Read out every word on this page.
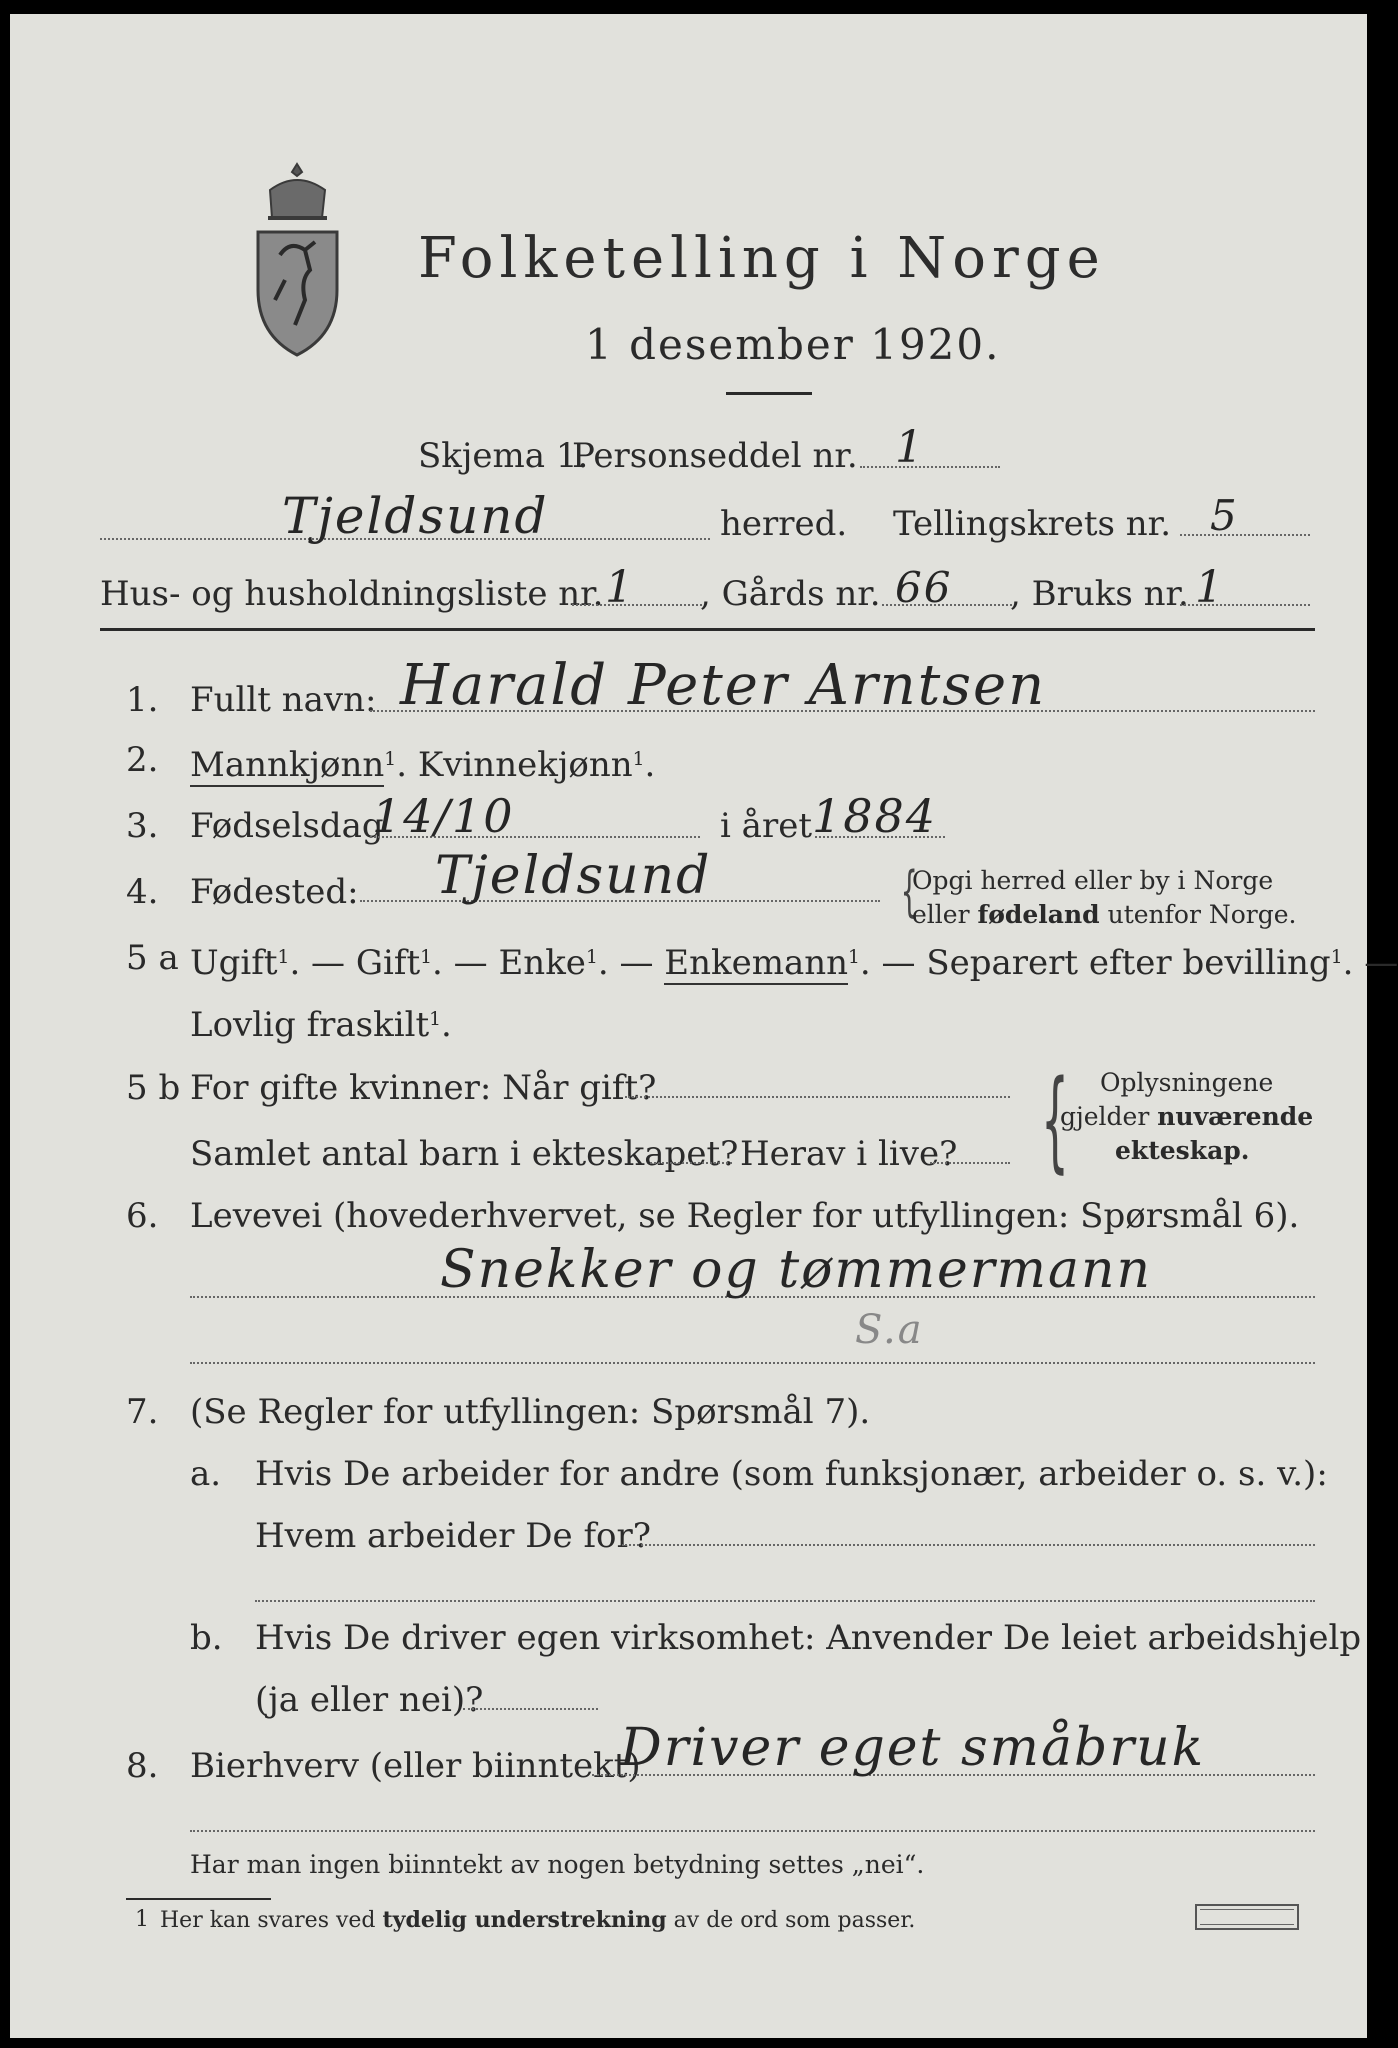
Folketelling i Norge
1 desember 1920.
Skjema 1.
Personseddel nr. 1
Tjeldsund	herred. Tellingskrets nr. 5
Hus- og husholdningsliste nr. 1 , Gårds nr. 66 , Bruks nr. 1
1. Fullt navn: Harald Peter Arntsen
2. Mannkjønn$^1$. Kvinnekjønn$^1$.
3. Fødselsdag
14/10	i året 1884
4. Fødested: Tjeldsund	{
Opgi herred eller by i Norge
eller fødeland utenfor Norge.
5 a Ugift$^1$. — Gift$^1$. — Enke$^1$. — Enkemann$^1$. — Separert efter bevilling$^1$. —
Lovlig fraskilt$^1$.
5 b For gifte kvinner: Når gift?
Samlet antal barn i ekteskapet? Herav i live? { Oplysningene
gjelder nuværende
ekteskap.
6. Levevei (hovederhvervet, se Regler for utfyllingen: Spørsmål 6).
Snekker og tømmermann
S.a
7. (Se Regler for utfyllingen: Spørsmål 7).
a. Hvis De arbeider for andre (som funksjonær, arbeider o. s. v.):
Hvem arbeider De for?
b. Hvis De driver egen virksomhet: Anvender De leiet arbeidshjelp
(ja eller nei)?
8. Bierhverv (eller biinntekt)
Driver eget småbruk
Har man ingen biinntekt av nogen betydning settes „nei“.
1 Her kan svares ved tydelig understrekning av de ord som passer.
